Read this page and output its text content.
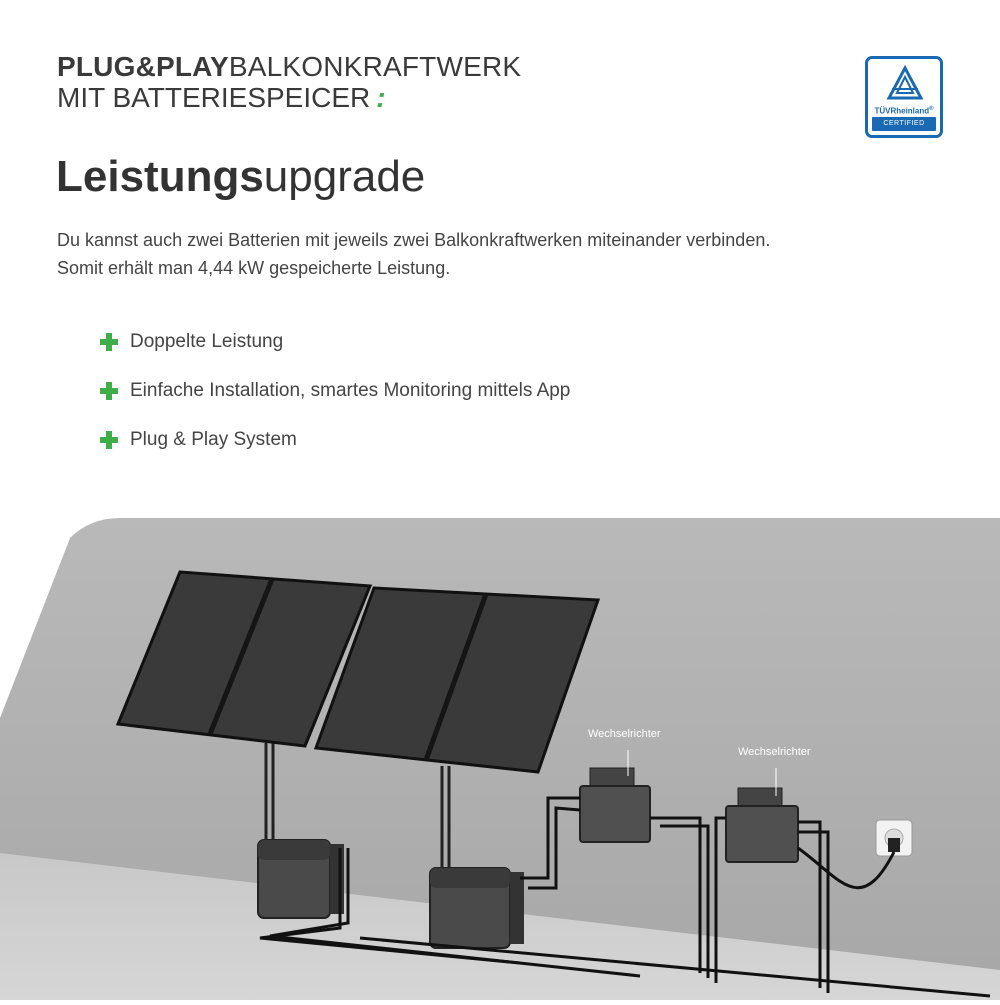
PLUG&PLAYBALKONKRAFTWERK
MIT BATTERIESPEICER :	TÜVRheinland®
CERTIFIED
Leistungsupgrade
Du kannst auch zwei Batterien mit jeweils zwei Balkonkraftwerken miteinander verbinden.
Somit erhält man 4,44 kW gespeicherte Leistung.
Doppelte Leistung
Einfache Installation, smartes Monitoring mittels App
Plug & Play System
Wechselrichter
Wechselrichter
